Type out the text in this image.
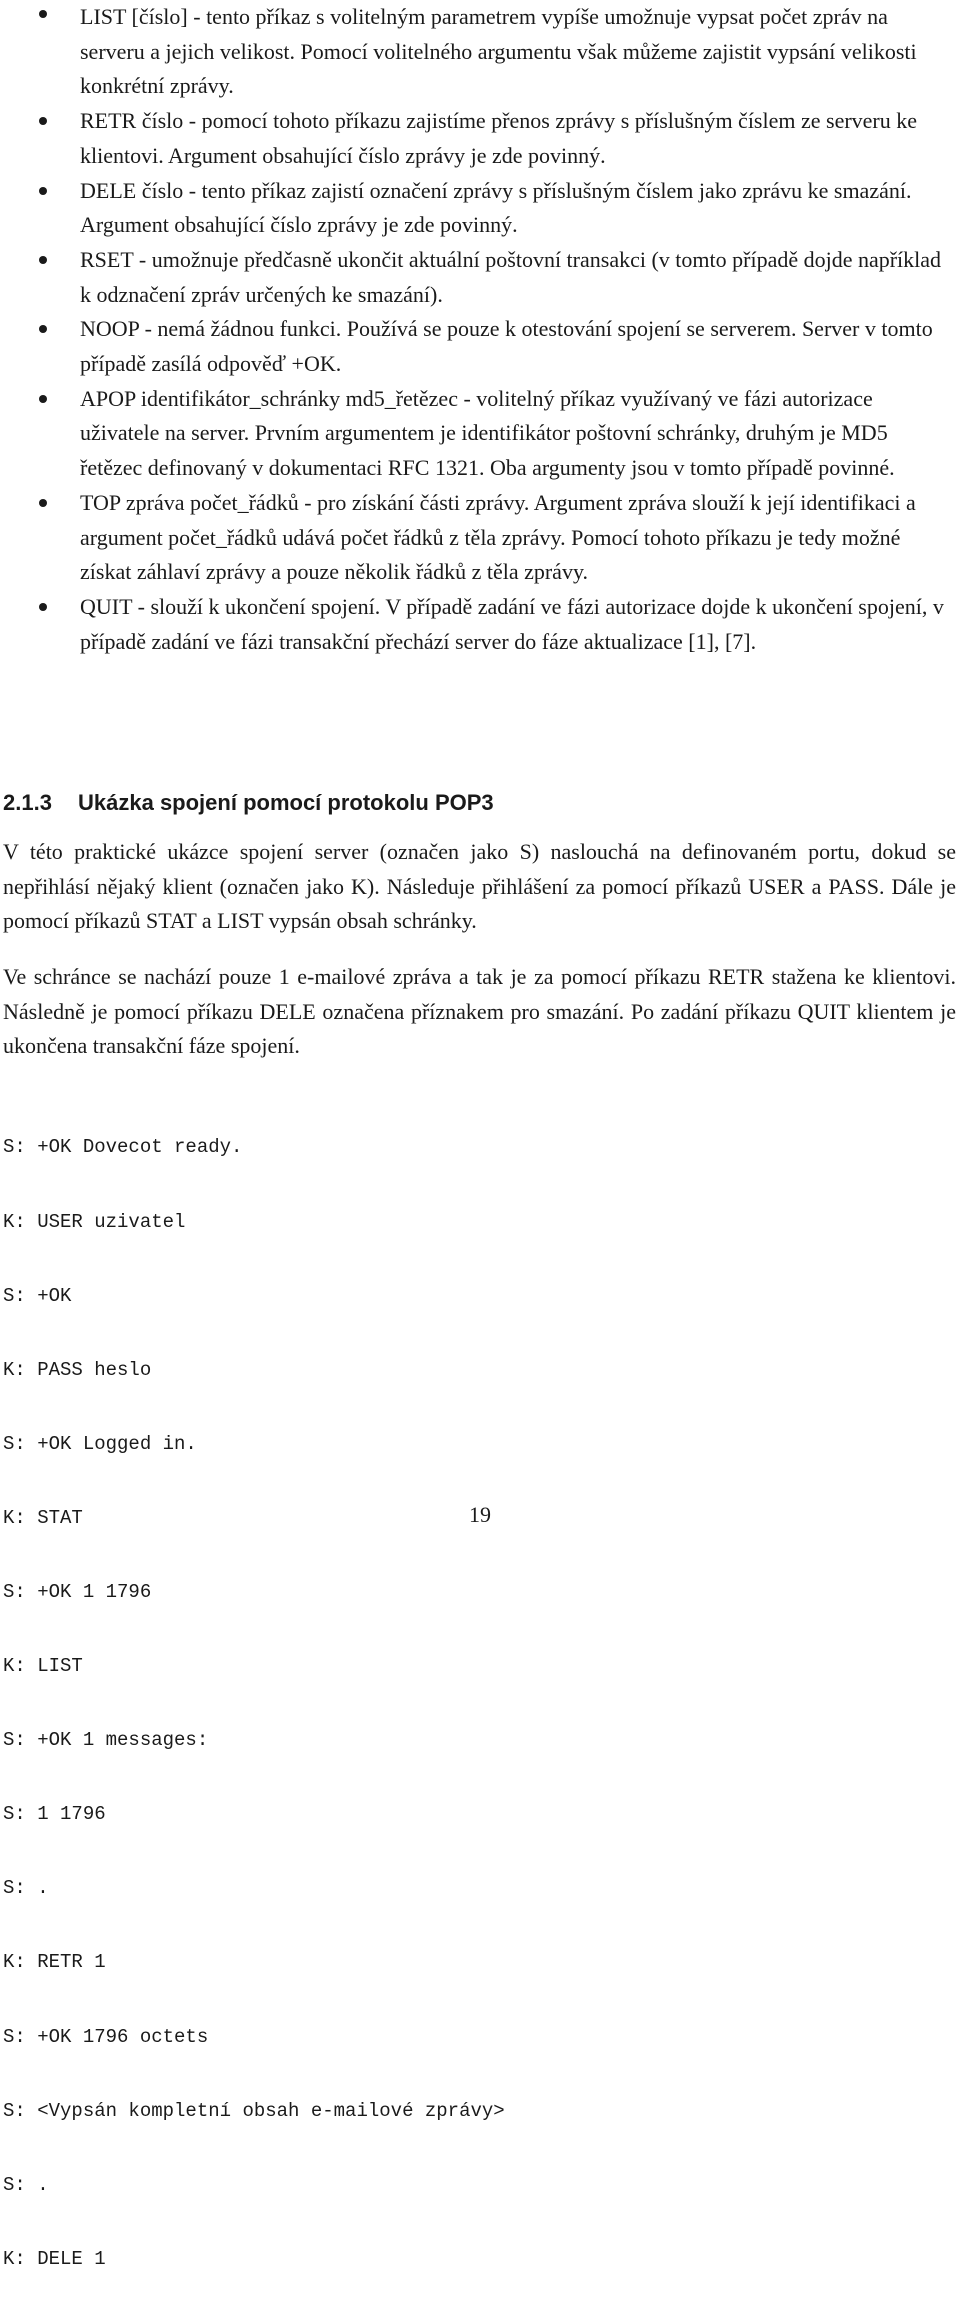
LIST [číslo] - tento příkaz s volitelným parametrem vypíše umožnuje vypsat počet zpráv na serveru a jejich velikost. Pomocí volitelného argumentu však můžeme zajistit vypsání velikosti konkrétní zprávy.
RETR číslo - pomocí tohoto příkazu zajistíme přenos zprávy s příslušným číslem ze serveru ke klientovi. Argument obsahující číslo zprávy je zde povinný.
DELE číslo - tento příkaz zajistí označení zprávy s příslušným číslem jako zprávu ke smazání. Argument obsahující číslo zprávy je zde povinný.
RSET - umožnuje předčasně ukončit aktuální poštovní transakci (v tomto případě dojde například k odznačení zpráv určených ke smazání).
NOOP - nemá žádnou funkci. Používá se pouze k otestování spojení se serverem. Server v tomto případě zasílá odpověď +OK.
APOP identifikátor_schránky md5_řetězec - volitelný příkaz využívaný ve fázi autorizace uživatele na server. Prvním argumentem je identifikátor poštovní schránky, druhým je MD5 řetězec definovaný v dokumentaci RFC 1321. Oba argumenty jsou v tomto případě povinné.
TOP zpráva počet_řádků - pro získání části zprávy. Argument zpráva slouží k její identifikaci a argument počet_řádků udává počet řádků z těla zprávy. Pomocí tohoto příkazu je tedy možné získat záhlaví zprávy a pouze několik řádků z těla zprávy.
QUIT - slouží k ukončení spojení. V případě zadání ve fázi autorizace dojde k ukončení spojení, v případě zadání ve fázi transakční přechází server do fáze aktualizace [1], [7].
2.1.3 Ukázka spojení pomocí protokolu POP3

V této praktické ukázce spojení server (označen jako S) naslouchá na definovaném portu, dokud se nepřihlásí nějaký klient (označen jako K). Následuje přihlášení za pomocí příkazů USER a PASS. Dále je pomocí příkazů STAT a LIST vypsán obsah schránky.

Ve schránce se nachází pouze 1 e-mailové zpráva a tak je za pomocí příkazu RETR stažena ke klientovi. Následně je pomocí příkazu DELE označena příznakem pro smazání. Po zadání příkazu QUIT klientem je ukončena transakční fáze spojení.

S: +OK Dovecot ready.

K: USER uzivatel

S: +OK

K: PASS heslo

S: +OK Logged in.

K: STAT

S: +OK 1 1796

K: LIST

S: +OK 1 messages:

S: 1 1796

S: .

K: RETR 1

S: +OK 1796 octets

S: <Vypsán kompletní obsah e-mailové zprávy>

S: .

K: DELE 1

19
